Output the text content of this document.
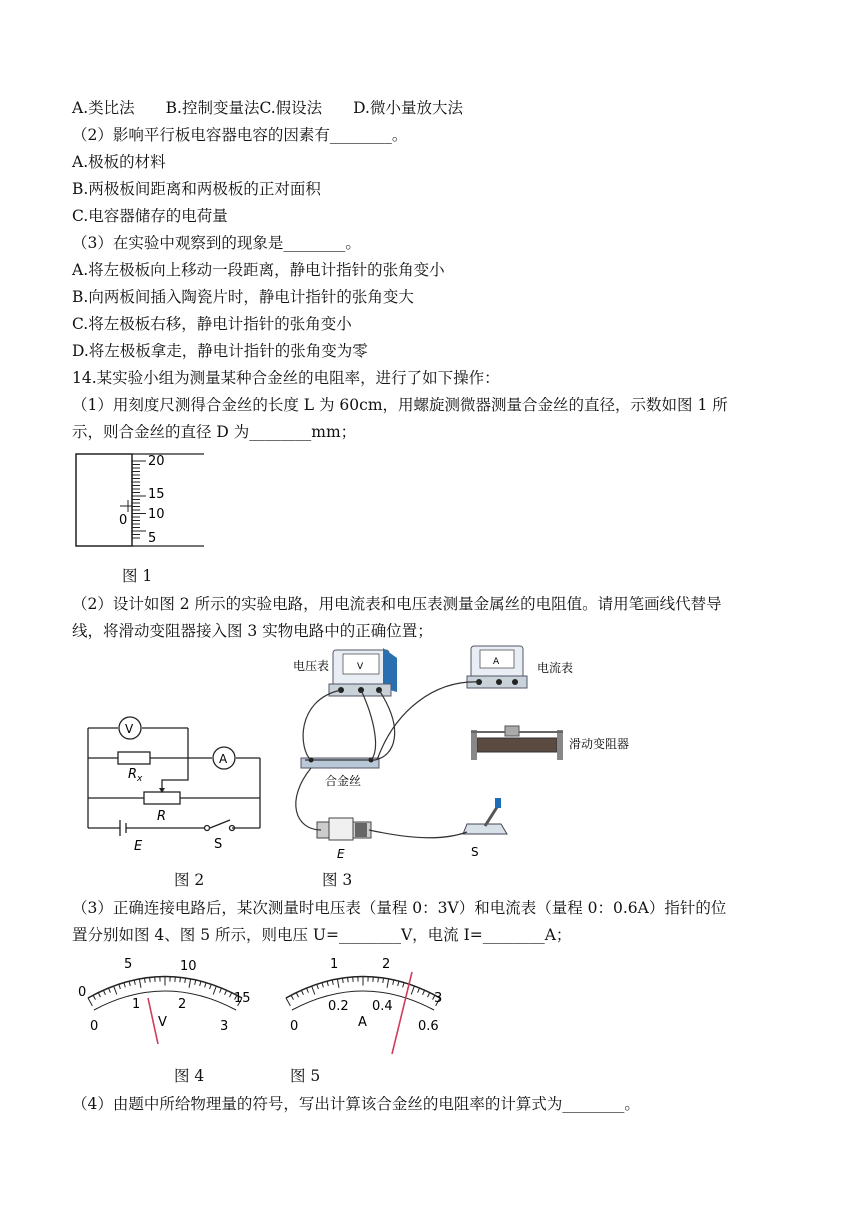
A.类比法　　B.控制变量法C.假设法　　D.微小量放大法
（2）影响平行板电容器电容的因素有________。
A.极板的材料
B.两极板间距离和两极板的正对面积
C.电容器储存的电荷量
（3）在实验中观察到的现象是________。
A.将左极板向上移动一段距离，静电计指针的张角变小
B.向两板间插入陶瓷片时，静电计指针的张角变大
C.将左极板右移，静电计指针的张角变小
D.将左极板拿走，静电计指针的张角变为零
14.某实验小组为测量某种合金丝的电阻率，进行了如下操作：
（1）用刻度尺测得合金丝的长度 L 为 60cm，用螺旋测微器测量合金丝的直径，示数如图 1 所
示，则合金丝的直径 D 为________mm；
20
15
10
5
0
图 1
（2）设计如图 2 所示的实验电路，用电流表和电压表测量金属丝的电阻值。请用笔画线代替导
线，将滑动变阻器接入图 3 实物电路中的正确位置；
V
A
$R_x$
R
E	S
V
电压表	A	电流表
滑动变阻器
合金丝
E	S
图 2	图 3
（3）正确连接电路后，某次测量时电压表（量程 0：3V）和电流表（量程 0：0.6A）指针的位
置分别如图 4、图 5 所示，则电压 U=________V，电流 I=________A；
0
5	10
15
0
1	2
3
V
1	2
3
0
0.2 0.4
0.6
A
图 4	图 5
（4）由题中所给物理量的符号，写出计算该合金丝的电阻率的计算式为________。
